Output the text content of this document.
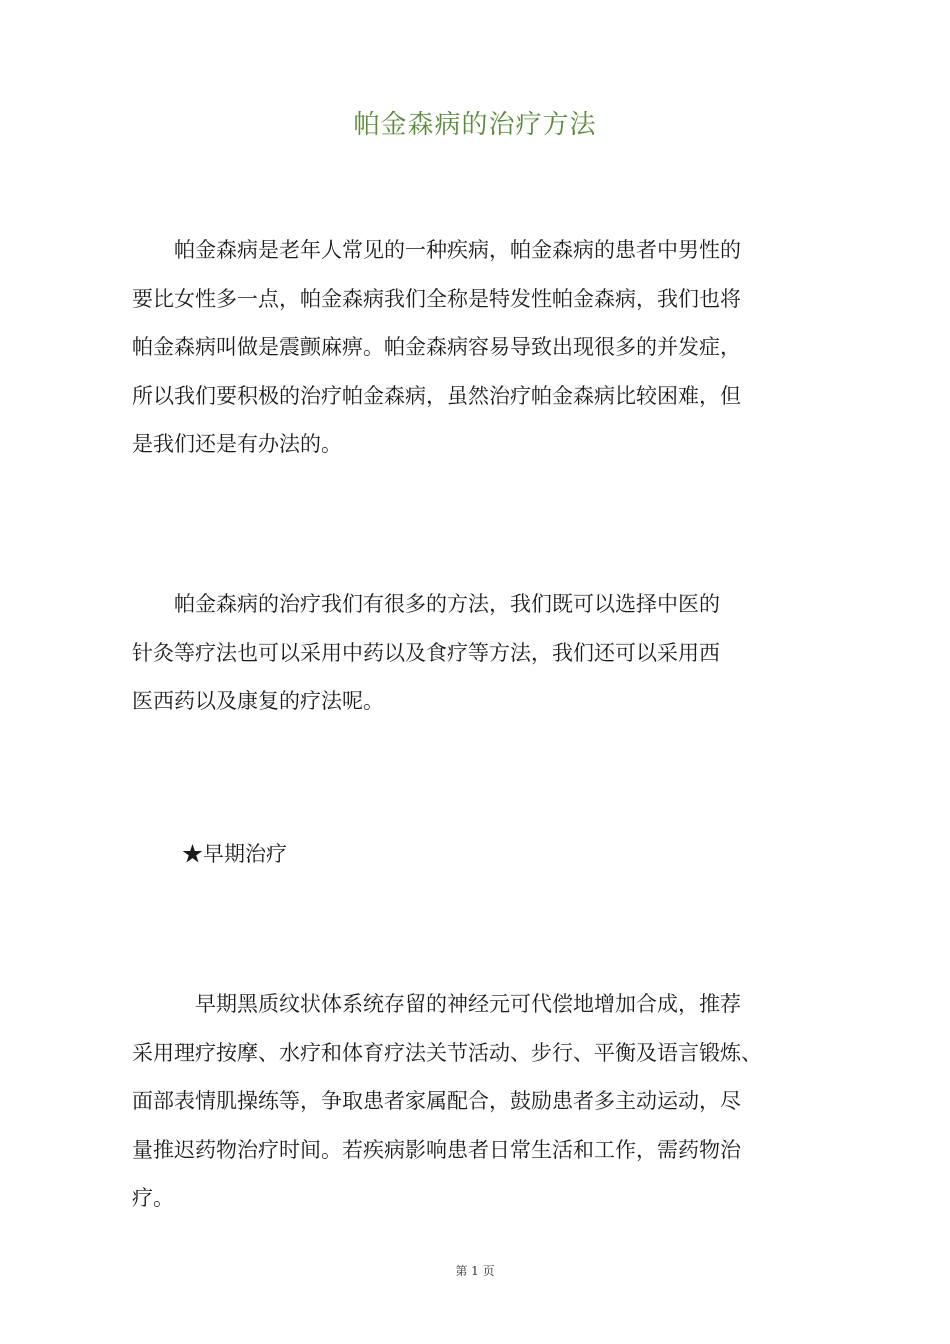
帕金森病的治疗方法

　　帕金森病是老年人常见的一种疾病，帕金森病的患者中男性的
要比女性多一点，帕金森病我们全称是特发性帕金森病，我们也将
帕金森病叫做是震颤麻痹。帕金森病容易导致出现很多的并发症，
所以我们要积极的治疗帕金森病，虽然治疗帕金森病比较困难，但
是我们还是有办法的。

　　帕金森病的治疗我们有很多的方法，我们既可以选择中医的
针灸等疗法也可以采用中药以及食疗等方法，我们还可以采用西
医西药以及康复的疗法呢。

★早期治疗

　　　早期黑质纹状体系统存留的神经元可代偿地增加合成，推荐
采用理疗按摩、水疗和体育疗法关节活动、步行、平衡及语言锻炼、
面部表情肌操练等，争取患者家属配合，鼓励患者多主动运动，尽
量推迟药物治疗时间。若疾病影响患者日常生活和工作，需药物治
疗。

第 1 页
